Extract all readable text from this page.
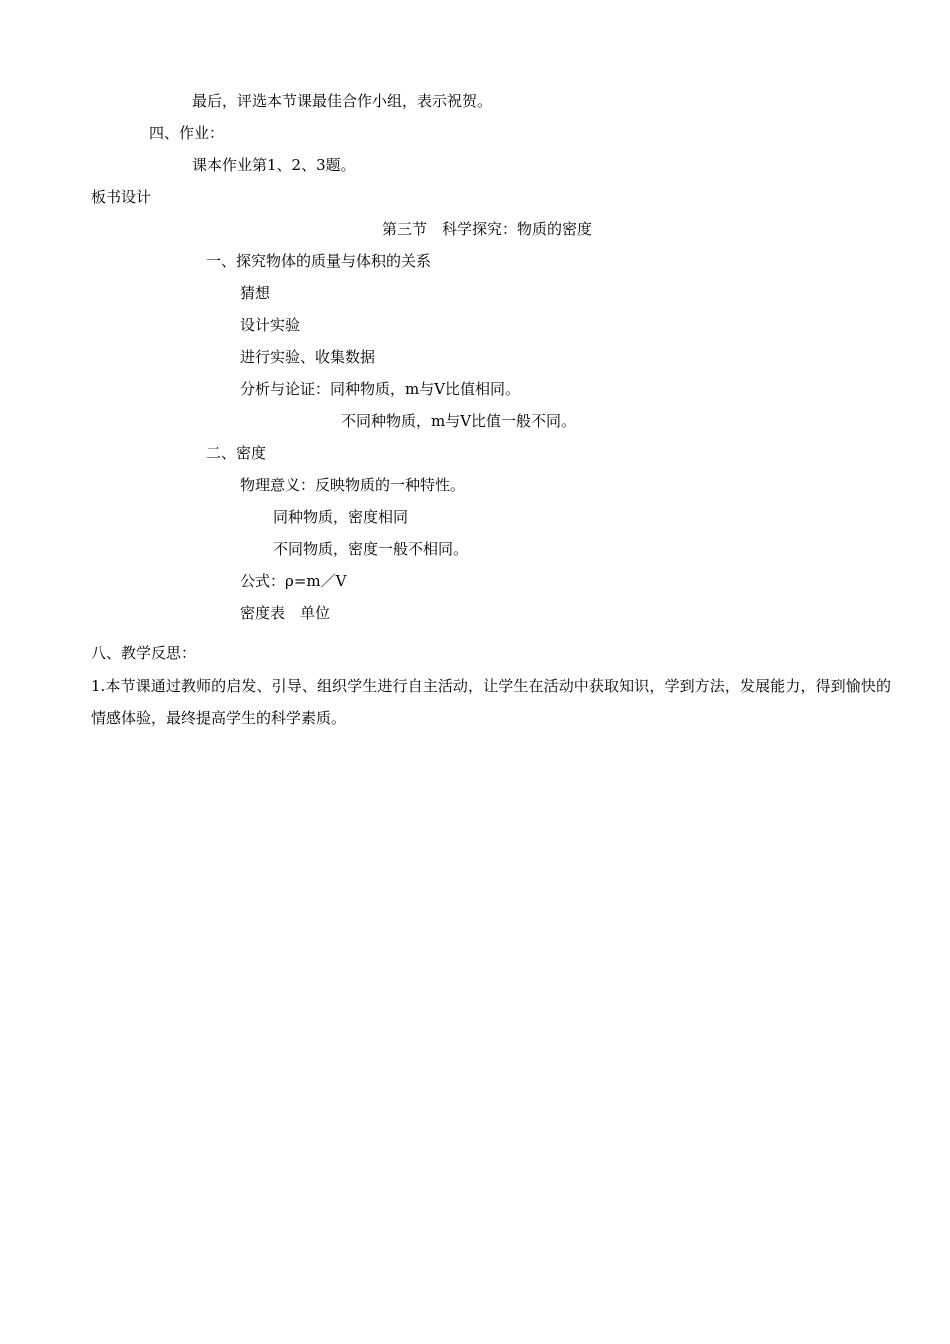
最后，评选本节课最佳合作小组，表示祝贺。
四、作业：
课本作业第1、2、3题。
板书设计
第三节　科学探究：物质的密度
一、探究物体的质量与体积的关系
猜想
设计实验
进行实验、收集数据
分析与论证：同种物质，m与V比值相同。
不同种物质，m与V比值一般不同。
二、密度
物理意义：反映物质的一种特性。
同种物质，密度相同
不同物质，密度一般不相同。
公式：ρ=m／V
密度表　单位
八、教学反思：
1.本节课通过教师的启发、引导、组织学生进行自主活动，让学生在活动中获取知识，学到方法，发展能力，得到愉快的情感体验，最终提高学生的科学素质。
